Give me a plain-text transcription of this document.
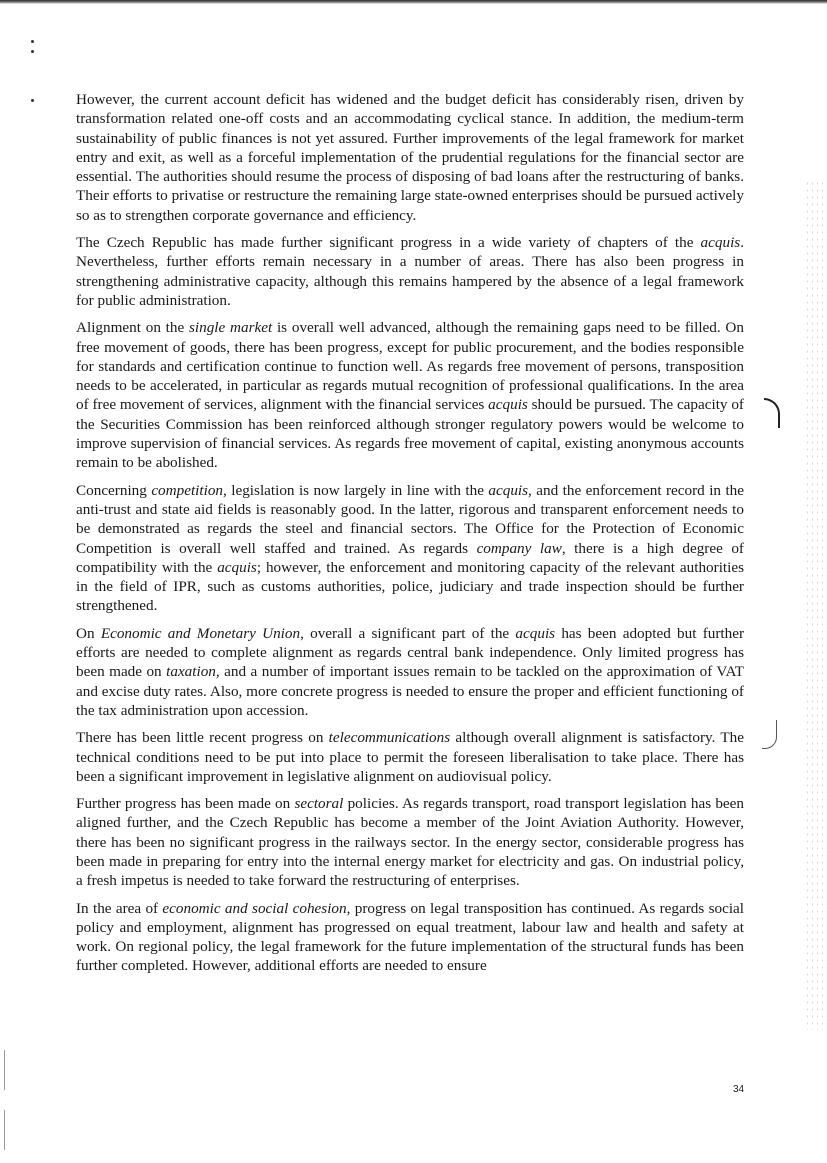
However, the current account deficit has widened and the budget deficit has considerably risen, driven by transformation related one-off costs and an accommodating cyclical stance. In addition, the medium-term sustainability of public finances is not yet assured. Further improvements of the legal framework for market entry and exit, as well as a forceful implementation of the prudential regulations for the financial sector are essential. The authorities should resume the process of disposing of bad loans after the restructuring of banks. Their efforts to privatise or restructure the remaining large state-owned enterprises should be pursued actively so as to strengthen corporate governance and efficiency.

The Czech Republic has made further significant progress in a wide variety of chapters of the acquis. Nevertheless, further efforts remain necessary in a number of areas. There has also been progress in strengthening administrative capacity, although this remains hampered by the absence of a legal framework for public administration.

Alignment on the single market is overall well advanced, although the remaining gaps need to be filled. On free movement of goods, there has been progress, except for public procurement, and the bodies responsible for standards and certification continue to function well. As regards free movement of persons, transposition needs to be accelerated, in particular as regards mutual recognition of professional qualifications. In the area of free movement of services, alignment with the financial services acquis should be pursued. The capacity of the Securities Commission has been reinforced although stronger regulatory powers would be welcome to improve supervision of financial services. As regards free movement of capital, existing anonymous accounts remain to be abolished.

Concerning competition, legislation is now largely in line with the acquis, and the enforcement record in the anti-trust and state aid fields is reasonably good. In the latter, rigorous and transparent enforcement needs to be demonstrated as regards the steel and financial sectors. The Office for the Protection of Economic Competition is overall well staffed and trained. As regards company law, there is a high degree of compatibility with the acquis; however, the enforcement and monitoring capacity of the relevant authorities in the field of IPR, such as customs authorities, police, judiciary and trade inspection should be further strengthened.

On Economic and Monetary Union, overall a significant part of the acquis has been adopted but further efforts are needed to complete alignment as regards central bank independence. Only limited progress has been made on taxation, and a number of important issues remain to be tackled on the approximation of VAT and excise duty rates. Also, more concrete progress is needed to ensure the proper and efficient functioning of the tax administration upon accession.

There has been little recent progress on telecommunications although overall alignment is satisfactory. The technical conditions need to be put into place to permit the foreseen liberalisation to take place. There has been a significant improvement in legislative alignment on audiovisual policy.

Further progress has been made on sectoral policies. As regards transport, road transport legislation has been aligned further, and the Czech Republic has become a member of the Joint Aviation Authority. However, there has been no significant progress in the railways sector. In the energy sector, considerable progress has been made in preparing for entry into the internal energy market for electricity and gas. On industrial policy, a fresh impetus is needed to take forward the restructuring of enterprises.

In the area of economic and social cohesion, progress on legal transposition has continued. As regards social policy and employment, alignment has progressed on equal treatment, labour law and health and safety at work. On regional policy, the legal framework for the future implementation of the structural funds has been further completed. However, additional efforts are needed to ensure

34
